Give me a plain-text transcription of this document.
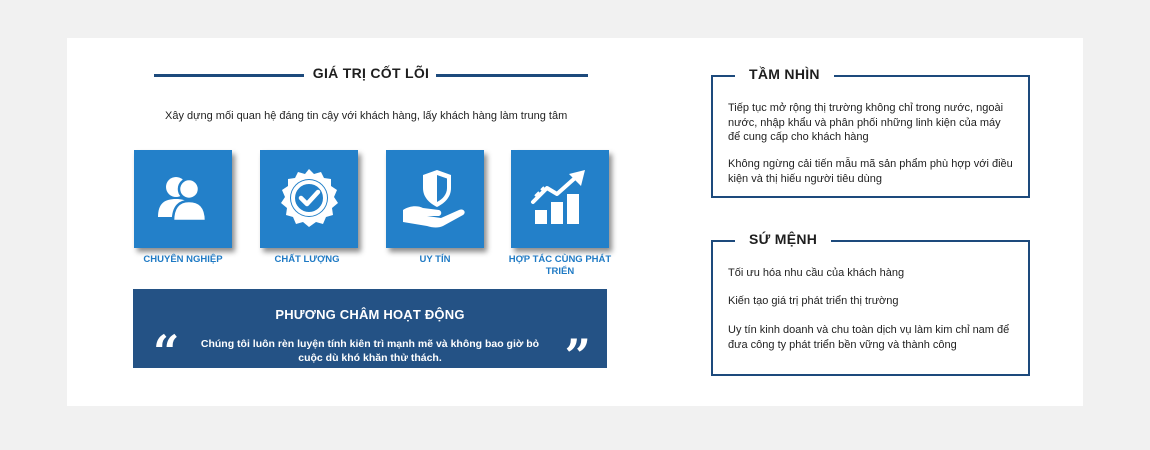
GIÁ TRỊ CỐT LÕI
Xây dựng mối quan hệ đáng tin cậy với khách hàng, lấy khách hàng làm trung tâm
CHUYÊN NGHIỆP	CHẤT LƯỢNG	UY TÍN	HỢP TÁC CÙNG PHÁT TRIỂN
PHƯƠNG CHÂM HOẠT ĐỘNG
“	Chúng tôi luôn rèn luyện tính kiên trì mạnh mẽ và không bao giờ bỏ cuộc dù khó khăn thử thách.	”
TẦM NHÌN

Tiếp tục mở rộng thị trường không chỉ trong nước, ngoài nước, nhập khẩu và phân phối những linh kiện của máy để cung cấp cho khách hàng

Không ngừng cải tiến mẫu mã sản phẩm phù hợp với điều kiện và thị hiếu người tiêu dùng

SỨ MỆNH

Tối ưu hóa nhu cầu của khách hàng

Kiến tạo giá trị phát triển thị trường

Uy tín kinh doanh và chu toàn dịch vụ làm kim chỉ nam để đưa công ty phát triển bền vững và thành công
